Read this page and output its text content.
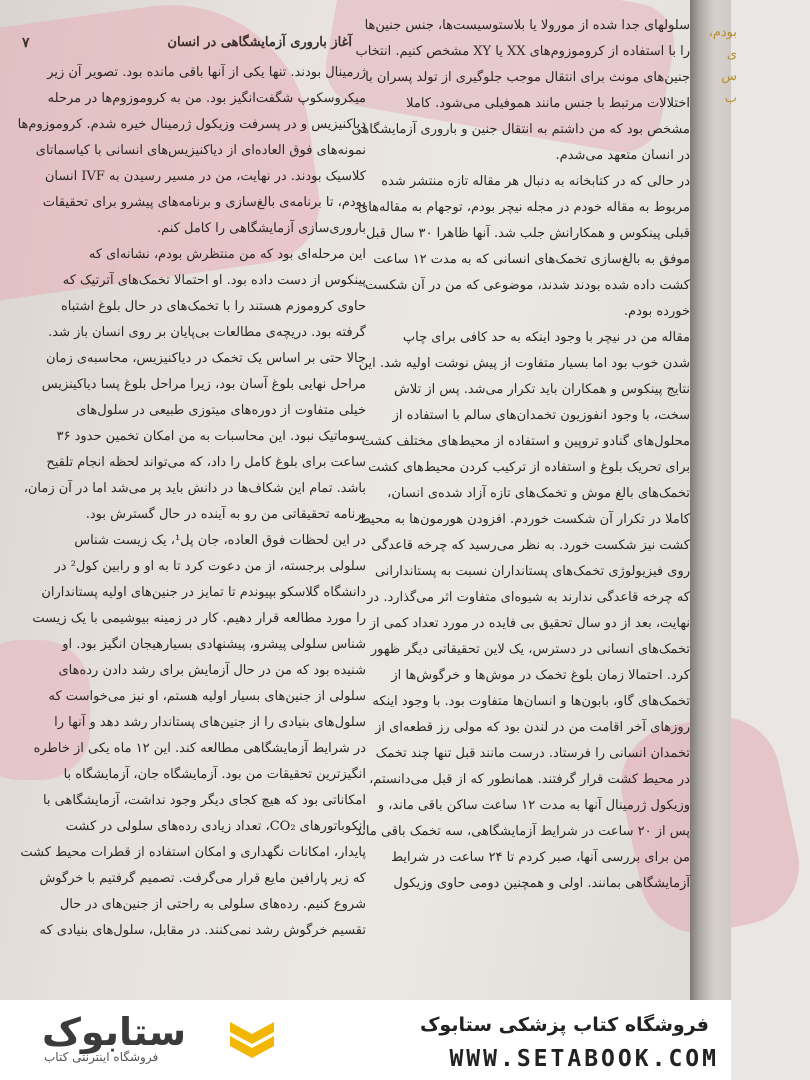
بودم،
ی
س
ب
۷	آغاز باروری آزمایشگاهی در انسان
ژرمینال بودند. تنها یکی از آنها باقی مانده بود. تصویر آن زیر
میکروسکوپ شگفت‌انگیز بود. من به کروموزوم‌ها در مرحله
دیاکنیزیس و در پسرفت وزیکول ژرمینال خیره شدم. کروموزوم‌ها
نمونه‌های فوق العاده‌ای از دیاکنیزیس‌های انسانی با کیاسماتای
کلاسیک بودند. در نهایت، من در مسیر رسیدن به IVF انسان
بودم، تا برنامه‌ی بالغ‌سازی و برنامه‌های پیشرو برای تحقیقات
باروری‌سازی آزمایشگاهی را کامل کنم.
این مرحله‌ای بود که من منتظرش بودم، نشانه‌ای که
پینکوس از دست داده بود. او احتمالا تخمک‌های آترتیک که
حاوی کروموزم هستند را با تخمک‌های در حال بلوغ اشتباه
گرفته بود. دریچه‌ی مطالعات بی‌پایان بر روی انسان باز شد.
حالا حتی بر اساس یک تخمک در دیاکنیزیس، محاسبه‌ی زمان
مراحل نهایی بلوغ آسان بود، زیرا مراحل بلوغ پسا دیاکینزیس
خیلی متفاوت از دوره‌های میتوزی طبیعی در سلول‌های
سوماتیک نبود. این محاسبات به من امکان تخمین حدود ۳۶
ساعت برای بلوغ کامل را داد، که می‌تواند لحظه انجام تلقیح
باشد. تمام این شکاف‌ها در دانش باید پر می‌شد اما در آن زمان،
برنامه تحقیقاتی من رو به آینده در حال گسترش بود.
در این لحظات فوق العاده، جان پل¹، یک زیست شناس
سلولی برجسته، از من دعوت کرد تا به او و رابین کول² در
دانشگاه گلاسکو بپیوندم تا تمایز در جنین‌های اولیه پستانداران
را مورد مطالعه قرار دهیم. کار در زمینه بیوشیمی با یک زیست
شناس سلولی پیشرو، پیشنهادی بسیارهیجان انگیز بود. او
شنیده بود که من در حال آزمایش برای رشد دادن رده‌های
سلولی از جنین‌های بسیار اولیه هستم، او نیز می‌خواست که
سلول‌های بنیادی را از جنین‌های پستاندار رشد دهد و آنها را
در شرایط آزمایشگاهی مطالعه کند. این ۱۲ ماه یکی از خاطره
انگیزترین تحقیقات من بود. آزمایشگاه جان، آزمایشگاه با
امکاناتی بود که هیچ کجای دیگر وجود نداشت، آزمایشگاهی با
انکوباتورهای CO₂، تعداد زیادی رده‌های سلولی در کشت
پایدار، امکانات نگهداری و امکان استفاده از قطرات محیط کشت
که زیر پارافین مایع قرار می‌گرفت. تصمیم گرفتیم با خرگوش
شروع کنیم. رده‌های سلولی به راحتی از جنین‌های در حال
تقسیم خرگوش رشد نمی‌کنند. در مقابل، سلول‌های بنیادی که
سلولهای جدا شده از مورولا یا بلاستوسیست‌ها، جنس جنین‌ها
را با استفاده از کروموزوم‌های XX یا XY مشخص کنیم. انتخاب
جنین‌های مونث برای انتقال موجب جلوگیری از تولد پسران با
اختلالات مرتبط با جنس مانند هموفیلی می‌شود. کاملا
مشخص بود که من داشتم به انتقال جنین و باروری آزمایشگاهی
در انسان متعهد می‌شدم.
در حالی که در کتابخانه به دنبال هر مقاله تازه منتشر شده
مربوط به مقاله خودم در مجله نیچر بودم، توجهام به مقاله‌های
قبلی پینکوس و همکارانش جلب شد. آنها ظاهرا ۳۰ سال قبل
موفق به بالغ‌سازی تخمک‌های انسانی که به مدت ۱۲ ساعت
کشت داده شده بودند شدند، موضوعی که من در آن شکست
خورده بودم.
مقاله من در نیچر با وجود اینکه به حد کافی برای چاپ
شدن خوب بود اما بسیار متفاوت از پیش نوشت اولیه شد. این
نتایج پینکوس و همکاران باید تکرار می‌شد. پس از تلاش
سخت، با وجود انفوزیون تخمدان‌های سالم با استفاده از
محلول‌های گنادو تروپین و استفاده از محیط‌های مختلف کشت
برای تحریک بلوغ و استفاده از ترکیب کردن محیط‌های کشت
تخمک‌های بالغ موش و تخمک‌های تازه آزاد شده‌ی انسان،
کاملا در تکرار آن شکست خوردم. افزودن هورمون‌ها به محیط
کشت نیز شکست خورد. به نظر می‌رسید که چرخه قاعدگی
روی فیزیولوژی تخمک‌های پستانداران نسبت به پستاندارانی
که چرخه قاعدگی ندارند به شیوه‌ای متفاوت اثر می‌گذارد. در
نهایت، بعد از دو سال تحقیق بی فایده در مورد تعداد کمی از
تخمک‌های انسانی در دسترس، یک لاین تحقیقاتی دیگر ظهور
کرد. احتمالا زمان بلوغ تخمک در موش‌ها و خرگوش‌ها از
تخمک‌های گاو، بابون‌ها و انسان‌ها متفاوت بود. با وجود اینکه
روزهای آخر اقامت من در لندن بود که مولی رز قطعه‌ای از
تخمدان انسانی را فرستاد. درست مانند قبل تنها چند تخمک
در محیط کشت قرار گرفتند. همانطور که از قبل می‌دانستم،
وزیکول ژرمینال آنها به مدت ۱۲ ساعت ساکن باقی ماند، و
پس از ۲۰ ساعت در شرایط آزمایشگاهی، سه تخمک باقی ماند
من برای بررسی آنها، صبر کردم تا ۲۴ ساعت در شرایط
آزمایشگاهی بمانند. اولی و همچنین دومی حاوی وزیکول
ستابوک
فروشگاه اینترنتی کتاب
فروشگاه کتاب پزشکی ستابوک
WWW.SETABOOK.COM
